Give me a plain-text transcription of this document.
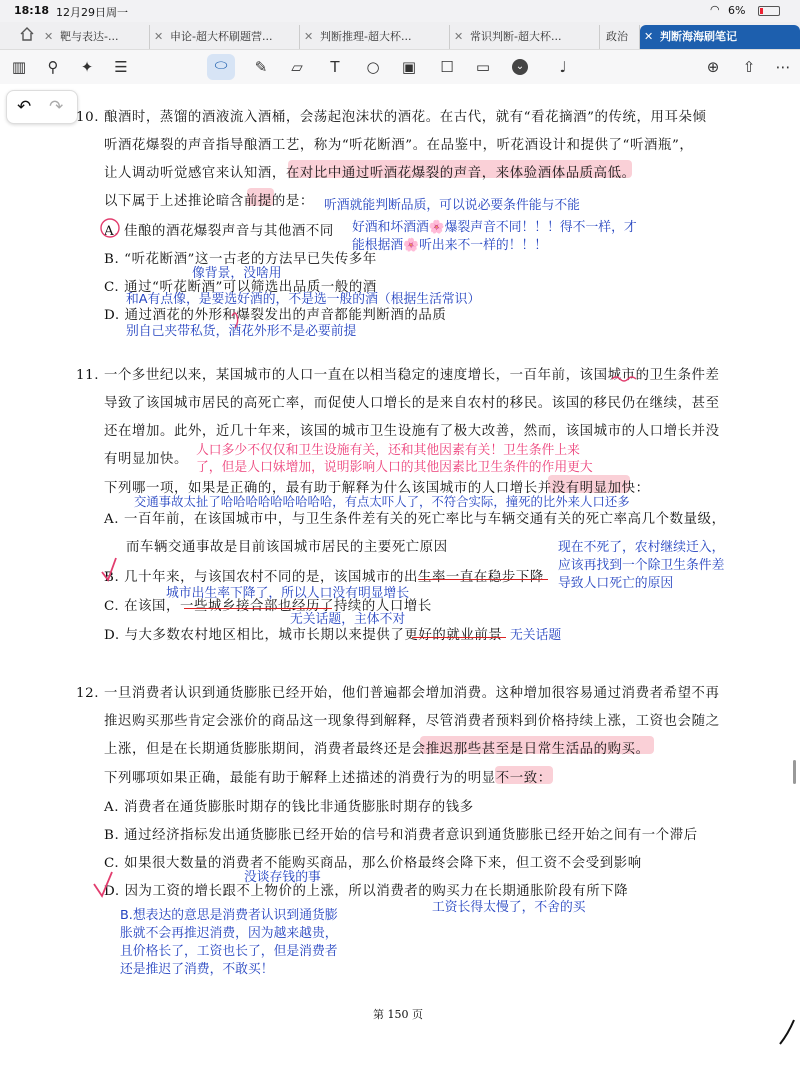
18:18 12月29日周一	◠ 6%
✕ 靶与表达-...	✕ 申论-超大杯刷题营...	✕ 判断推理-超大杯...	✕ 常识判断-超大杯...	政治	✕ 判断海海刷笔记
▥	⚲	✦	☰	⬭	✎	▱	T	○ ▣ ☐ ▭	⌄	♩	⊕	⇧	⋯
↶ ↷
10. 酿酒时，蒸馏的酒液流入酒桶，会荡起泡沫状的酒花。在古代，就有“看花摘酒”的传统，用耳朵倾
听酒花爆裂的声音指导酿酒工艺，称为“听花断酒”。在品鉴中，听花酒设计和提供了“听酒瓶”，
让人调动听觉感官来认知酒，在对比中通过听酒花爆裂的声音，来体验酒体品质高低。
以下属于上述推论暗含前提的是：
A. 佳酿的酒花爆裂声音与其他酒不同
B. “听花断酒”这一古老的方法早已失传多年
C. 通过“听花断酒”可以筛选出品质一般的酒
D. 通过酒花的外形和爆裂发出的声音都能判断酒的品质
听酒就能判断品质，可以说必要条件能与不能
好酒和坏酒酒🌸爆裂声音不同！！！得不一样，才
能根据酒🌸听出来不一样的！！！
像背景，没啥用
和A有点像，是要选好酒的，不是选一般的酒（根据生活常识）
别自己夹带私货，酒花外形不是必要前提
11. 一个多世纪以来，某国城市的人口一直在以相当稳定的速度增长，一百年前，该国城市的卫生条件差
导致了该国城市居民的高死亡率，而促使人口增长的是来自农村的移民。该国的移民仍在继续，甚至
还在增加。此外，近几十年来，该国的城市卫生设施有了极大改善，然而，该国城市的人口增长并没
有明显加快。
下列哪一项，如果是正确的，最有助于解释为什么该国城市的人口增长并没有明显加快：
A. 一百年前，在该国城市中，与卫生条件差有关的死亡率比与车辆交通有关的死亡率高几个数量级，
而车辆交通事故是目前该国城市居民的主要死亡原因
B. 几十年来，与该国农村不同的是，该国城市的出生率一直在稳步下降
C. 在该国，一些城乡接合部也经历了持续的人口增长
D. 与大多数农村地区相比，城市长期以来提供了更好的就业前景
人口多少不仅仅和卫生设施有关，还和其他因素有关！卫生条件上来
了，但是人口妹增加，说明影响人口的其他因素比卫生条件的作用更大
交通事故太扯了哈哈哈哈哈哈哈哈哈，有点太吓人了，不符合实际，撞死的比外来人口还多
现在不死了，农村继续迁入，
应该再找到一个除卫生条件差
导致人口死亡的原因
城市出生率下降了，所以人口没有明显增长
无关话题，主体不对
无关话题
12. 一旦消费者认识到通货膨胀已经开始，他们普遍都会增加消费。这种增加很容易通过消费者希望不再
推迟购买那些肯定会涨价的商品这一现象得到解释，尽管消费者预料到价格持续上涨，工资也会随之
上涨，但是在长期通货膨胀期间，消费者最终还是会推迟那些甚至是日常生活品的购买。
下列哪项如果正确，最能有助于解释上述描述的消费行为的明显不一致：
A. 消费者在通货膨胀时期存的钱比非通货膨胀时期存的钱多
B. 通过经济指标发出通货膨胀已经开始的信号和消费者意识到通货膨胀已经开始之间有一个滞后
C. 如果很大数量的消费者不能购买商品，那么价格最终会降下来，但工资不会受到影响
D. 因为工资的增长跟不上物价的上涨，所以消费者的购买力在长期通胀阶段有所下降
没谈存钱的事
工资长得太慢了，不舍的买
B.想表达的意思是消费者认识到通货膨
胀就不会再推迟消费，因为越来越贵，
且价格长了，工资也长了，但是消费者
还是推迟了消费，不敢买！
第 150 页
